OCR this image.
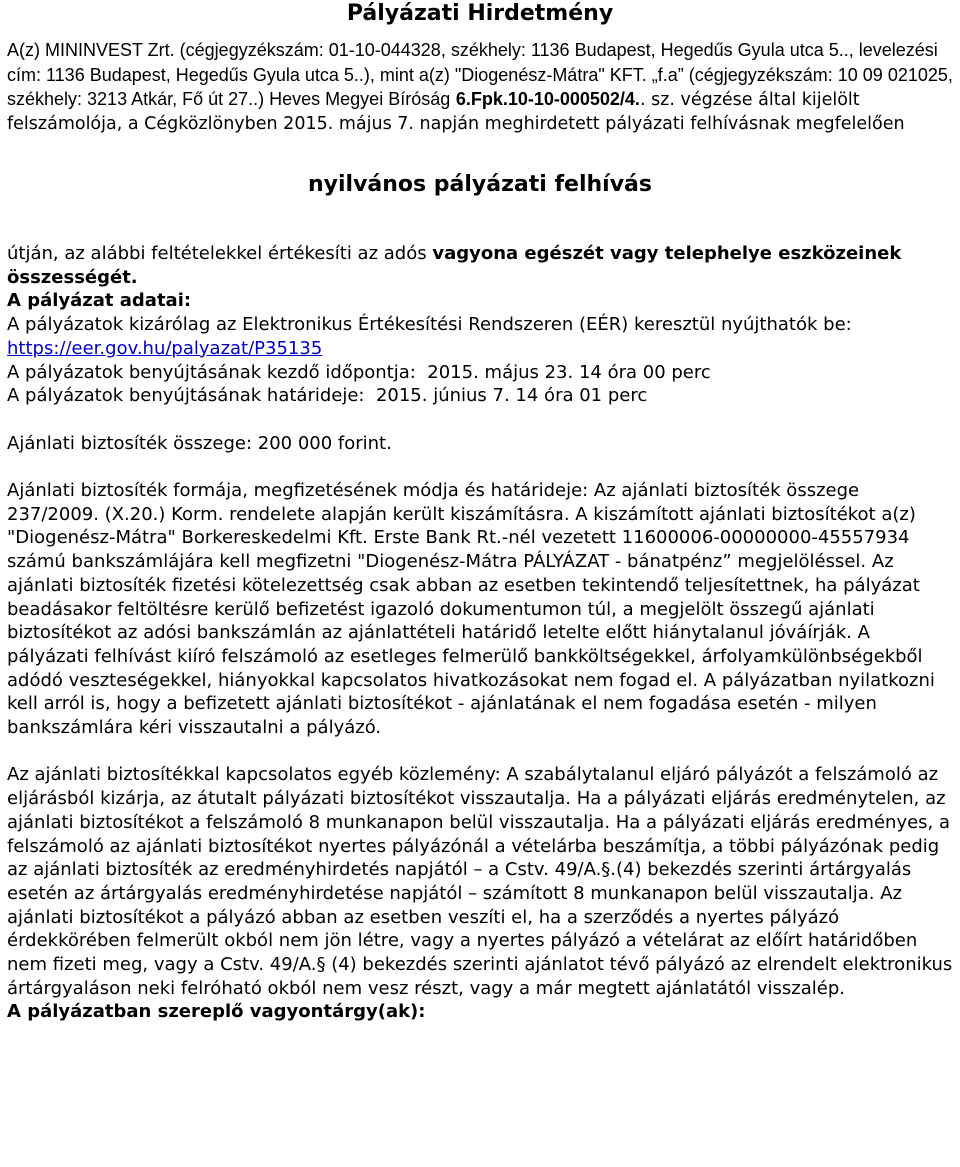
Pályázati Hirdetmény
A(z) MININVEST Zrt. (cégjegyzékszám: 01-10-044328, székhely: 1136 Budapest, Hegedűs Gyula utca 5.., levelezési cím: 1136 Budapest, Hegedűs Gyula utca 5..), mint a(z) "Diogenész-Mátra" KFT. „f.a” (cégjegyzékszám: 10 09 021025, székhely: 3213 Atkár, Fő út 27..) Heves Megyei Bíróság 6.Fpk.10-10-000502/4.. sz. végzése által kijelölt felszámolója, a Cégközlönyben 2015. május 7. napján meghirdetett pályázati felhívásnak megfelelően
nyilvános pályázati felhívás

útján, az alábbi feltételekkel értékesíti az adós vagyona egészét vagy telephelye eszközeinek összességét.

A pályázat adatai:

A pályázatok kizárólag az Elektronikus Értékesítési Rendszeren (EÉR) keresztül nyújthatók be:

https://eer.gov.hu/palyazat/P35135

A pályázatok benyújtásának kezdő időpontja: 2015. május 23. 14 óra 00 perc

A pályázatok benyújtásának határideje: 2015. június 7. 14 óra 01 perc

Ajánlati biztosíték összege: 200 000 forint.

Ajánlati biztosíték formája, megfizetésének módja és határideje: Az ajánlati biztosíték összege 237/2009. (X.20.) Korm. rendelete alapján került kiszámításra. A kiszámított ajánlati biztosítékot a(z) "Diogenész-Mátra" Borkereskedelmi Kft. Erste Bank Rt.-nél vezetett 11600006-00000000-45557934 számú bankszámlájára kell megfizetni "Diogenész-Mátra PÁLYÁZAT - bánatpénz” megjelöléssel. Az ajánlati biztosíték fizetési kötelezettség csak abban az esetben tekintendő teljesítettnek, ha pályázat beadásakor feltöltésre kerülő befizetést igazoló dokumentumon túl, a megjelölt összegű ajánlati biztosítékot az adósi bankszámlán az ajánlattételi határidő letelte előtt hiánytalanul jóváírják. A pályázati felhívást kiíró felszámoló az esetleges felmerülő bankköltségekkel, árfolyamkülönbségekből adódó veszteségekkel, hiányokkal kapcsolatos hivatkozásokat nem fogad el. A pályázatban nyilatkozni kell arról is, hogy a befizetett ajánlati biztosítékot - ajánlatának el nem fogadása esetén - milyen bankszámlára kéri visszautalni a pályázó.

Az ajánlati biztosítékkal kapcsolatos egyéb közlemény: A szabálytalanul eljáró pályázót a felszámoló az eljárásból kizárja, az átutalt pályázati biztosítékot visszautalja. Ha a pályázati eljárás eredménytelen, az ajánlati biztosítékot a felszámoló 8 munkanapon belül visszautalja. Ha a pályázati eljárás eredményes, a felszámoló az ajánlati biztosítékot nyertes pályázónál a vételárba beszámítja, a többi pályázónak pedig az ajánlati biztosíték az eredményhirdetés napjától – a Cstv. 49/A.§.(4) bekezdés szerinti ártárgyalás esetén az ártárgyalás eredményhirdetése napjától – számított 8 munkanapon belül visszautalja. Az ajánlati biztosítékot a pályázó abban az esetben veszíti el, ha a szerződés a nyertes pályázó érdekkörében felmerült okból nem jön létre, vagy a nyertes pályázó a vételárat az előírt határidőben nem fizeti meg, vagy a Cstv. 49/A.§ (4) bekezdés szerinti ajánlatot tévő pályázó az elrendelt elektronikus ártárgyaláson neki felróható okból nem vesz részt, vagy a már megtett ajánlatától visszalép.

A pályázatban szereplő vagyontárgy(ak):
